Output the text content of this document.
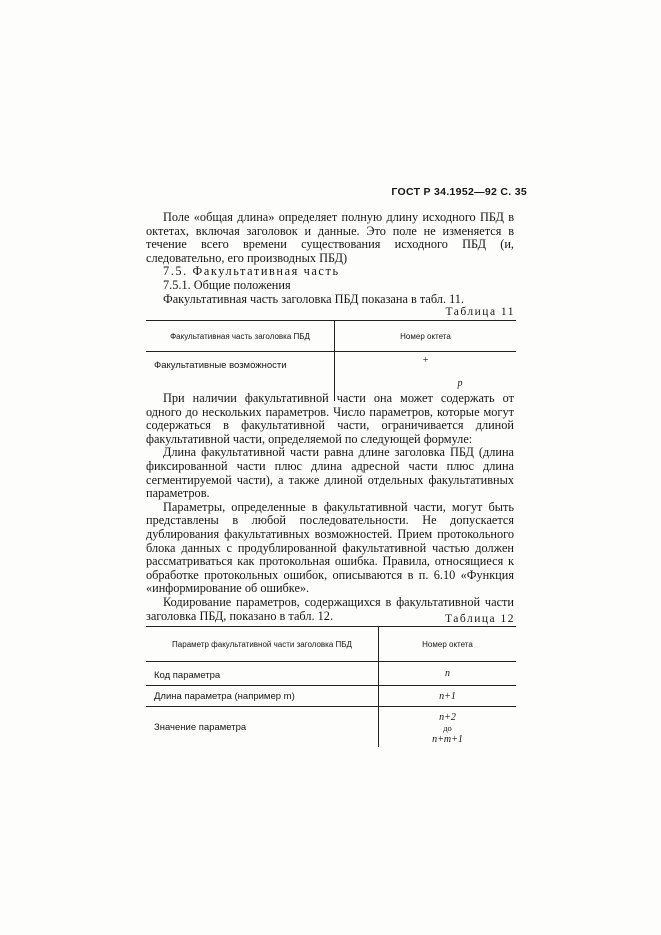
ГОСТ Р 34.1952—92 С. 35

Поле «общая длина» определяет полную длину исходного ПБД в октетах, включая заголовок и данные. Это поле не изменяется в течение всего времени существования исходного ПБД (и, следовательно, его производных ПБД)

7.5. Факультативная часть

7.5.1. Общие положения

Факультативная часть заголовка ПБД показана в табл. 11.

Таблица 11
Факультативная часть заголовка ПБД	Номер октета
Факультативные возможности	+
p

При наличии факультативной части она может содержать от одного до нескольких параметров. Число параметров, которые могут содержаться в факультативной части, ограничивается длиной факультативной части, определяемой по следующей формуле:

Длина факультативной части равна длине заголовка ПБД (длина фиксированной части плюс длина адресной части плюс длина сегментируемой части), а также длиной отдельных факультативных параметров.

Параметры, определенные в факультативной части, могут быть представлены в любой последовательности. Не допускается дублирования факультативных возможностей. Прием протокольного блока данных с продублированной факультативной частью должен рассматриваться как протокольная ошибка. Правила, относящиеся к обработке протокольных ошибок, описываются в п. 6.10 «Функция «информирование об ошибке».

Кодирование параметров, содержащихся в факультативной части заголовка ПБД, показано в табл. 12.	Таблица 12
Параметр факультативной части заголовка ПБД	Номер октета
Код параметра	n
Длина параметра (например m)	n+1
Значение параметра	n+2
до
n+m+1
